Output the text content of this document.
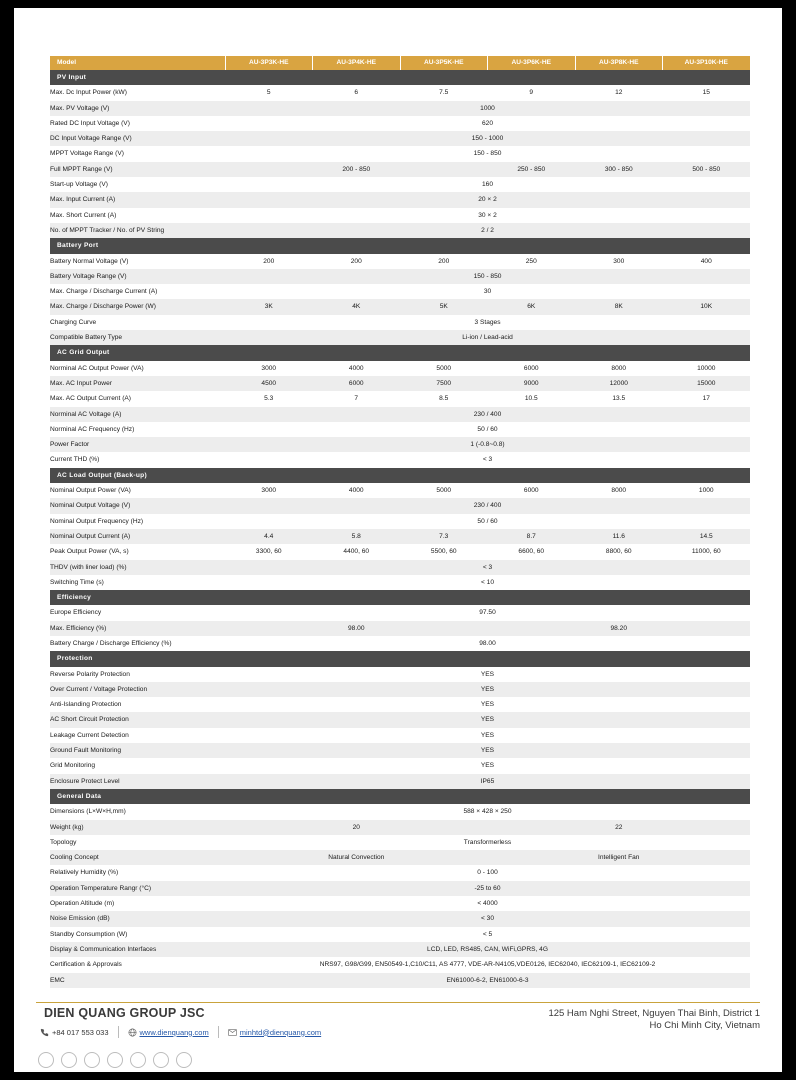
Model	AU-3P3K-HE	AU-3P4K-HE	AU-3P5K-HE	AU-3P6K-HE	AU-3P8K-HE	AU-3P10K-HE
PV Input						
Max. Dc Input Power (kW)	5	6	7.5	9	12	15
Max. PV Voltage (V)	1000					
Rated DC Input Voltage (V)	620					
DC Input Voltage Range (V)	150 - 1000					
MPPT Voltage Range (V)	150 - 850					
Full MPPT Range (V)	200 - 850			250 - 850	300 - 850	500 - 850
Start-up Voltage (V)	160					
Max. Input Current (A)	20 × 2					
Max. Short Current (A)	30 × 2					
No. of MPPT Tracker / No. of PV String	2 / 2					
Battery Port						
Battery Normal Voltage (V)	200	200	200	250	300	400
Battery Voltage Range (V)	150 - 850					
Max. Charge / Discharge Current (A)	30					
Max. Charge / Discharge Power (W)	3K	4K	5K	6K	8K	10K
Charging Curve	3 Stages					
Compatible Battery Type	Li-ion / Lead-acid					
AC Grid Output						
Norminal AC Output Power (VA)	3000	4000	5000	6000	8000	10000
Max. AC Input Power	4500	6000	7500	9000	12000	15000
Max. AC Output Current (A)	5.3	7	8.5	10.5	13.5	17
Norminal AC Voltage (A)	230 / 400					
Norminal AC Frequency (Hz)	50 / 60					
Power Factor	1 (-0.8~0.8)					
Current THD (%)	< 3					
AC Load Output (Back-up)						
Nominal Output Power (VA)	3000	4000	5000	6000	8000	1000
Nominal Output Voltage (V)	230 / 400					
Nominal Output Frequency (Hz)	50 / 60					
Nominal Output Current (A)	4.4	5.8	7.3	8.7	11.6	14.5
Peak Output Power (VA, s)	3300, 60	4400, 60	5500, 60	6600, 60	8800, 60	11000, 60
THDV (with liner load) (%)	< 3					
Switching Time (s)	< 10					
Efficiency						
Europe Efficiency	97.50					
Max. Efficiency (%)	98.00			98.20		
Battery Charge / Discharge Efficiency (%)	98.00					
Protection						
Reverse Polarity Protection	YES					
Over Current / Voltage Protection	YES					
Anti-Islanding Protection	YES					
AC Short Circuit Protection	YES					
Leakage Current Detection	YES					
Ground Fault Monitoring	YES					
Grid Monitoring	YES					
Enclosure Protect Level	IP65					
General Data						
Dimensions (L×W×H,mm)	588 × 428 × 250					
Weight (kg)	20			22		
Topology	Transformerless					
Cooling Concept	Natural Convection			Intelligent Fan		
Relatively Humidity (%)	0 - 100					
Operation Temperature Rangr (°C)	-25 to 60					
Operation Altitude (m)	< 4000					
Noise Emission (dB)	< 30					
Standby Consumption (W)	< 5					
Display & Communication Interfaces	LCD, LED, RS485, CAN, WiFi,GPRS, 4G					
Certification & Approvals	NRS97, G98/G99, EN50549-1,C10/C11, AS 4777, VDE-AR-N4105,VDE0126, IEC62040, IEC62109-1, IEC62109-2					
EMC	EN61000-6-2, EN61000-6-3					
DIEN QUANG GROUP JSC	125 Ham Nghi Street, Nguyen Thai Binh, District 1
Ho Chi Minh City, Vietnam
+84 017 553 033	www.dienquang.com	minhtd@dienquang.com
